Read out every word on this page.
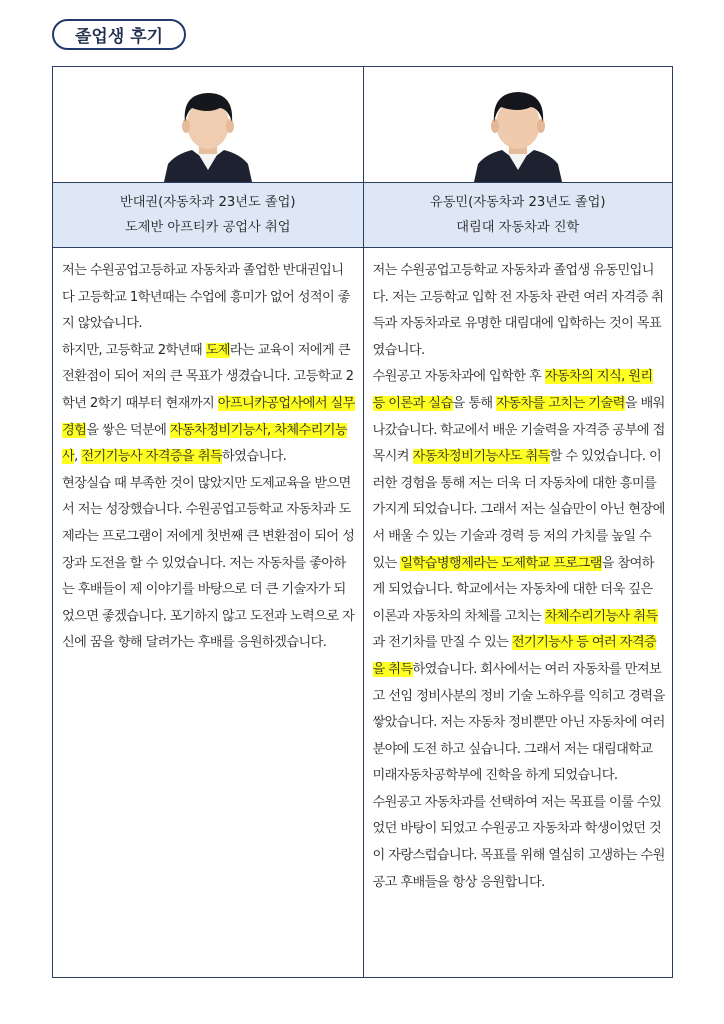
졸업생 후기
반대권(자동차과 23년도 졸업)
도제반 아프티카 공업사 취업
저는 수원공업고등하교 자동차과 졸업한 반대권입니다 고등학교 1학년때는 수업에 흥미가 없어 성적이 좋지 않았습니다.
하지만, 고등학교 2학년때 도제라는 교육이 저에게 큰 전환점이 되어 저의 큰 목표가 생겼습니다. 고등학교 2학년 2학기 때부터 현재까지 아프니카공업사에서 실무 경험을 쌓은 덕분에 자동차정비기능사, 차체수리기능사, 전기기능사 자격증을 취득하였습니다.
현장실습 때 부족한 것이 많았지만 도제교육을 받으면서 저는 성장했습니다. 수원공업고등학교 자동차과 도제라는 프로그램이 저에게 첫번째 큰 변환점이 되어 성장과 도전을 할 수 있었습니다. 저는 자동차를 좋아하는 후배들이 제 이야기를 바탕으로 더 큰 기술자가 되었으면 좋겠습니다. 포기하지 않고 도전과 노력으로 자신에 꿈을 향해 달려가는 후배를 응원하겠습니다.
유동민(자동차과 23년도 졸업)
대림대 자동차과 진학
저는 수원공업고등학교 자동차과 졸업생 유동민입니다. 저는 고등학교 입학 전 자동차 관련 여러 자격증 취득과 자동차과로 유명한 대림대에 입학하는 것이 목표였습니다.
수원공고 자동차과에 입학한 후 자동차의 지식, 원리 등 이론과 실습을 통해 자동차를 고치는 기술력을 배워나갔습니다. 학교에서 배운 기술력을 자격증 공부에 접목시켜 자동차정비기능사도 취득할 수 있었습니다. 이러한 경험을 통해 저는 더욱 더 자동차에 대한 흥미를 가지게 되었습니다. 그래서 저는 실습만이 아닌 현장에서 배울 수 있는 기술과 경력 등 저의 가치를 높일 수 있는 일학습병행제라는 도제학교 프로그램을 참여하게 되었습니다. 학교에서는 자동차에 대한 더욱 깊은 이론과 자동차의 차체를 고치는 차체수리기능사 취득과 전기차를 만질 수 있는 전기기능사 등 여러 자격증을 취득하였습니다. 회사에서는 여러 자동차를 만져보고 선임 정비사분의 정비 기술 노하우를 익히고 경력을 쌓았습니다. 저는 자동차 정비뿐만 아닌 자동차에 여러 분야에 도전 하고 싶습니다. 그래서 저는 대림대학교 미래자동차공학부에 진학을 하게 되었습니다.
수원공고 자동차과를 선택하여 저는 목표를 이룰 수있었던 바탕이 되었고 수원공고 자동차과 학생이었던 것이 자랑스럽습니다. 목표를 위해 열심히 고생하는 수원공고 후배들을 항상 응원합니다.
